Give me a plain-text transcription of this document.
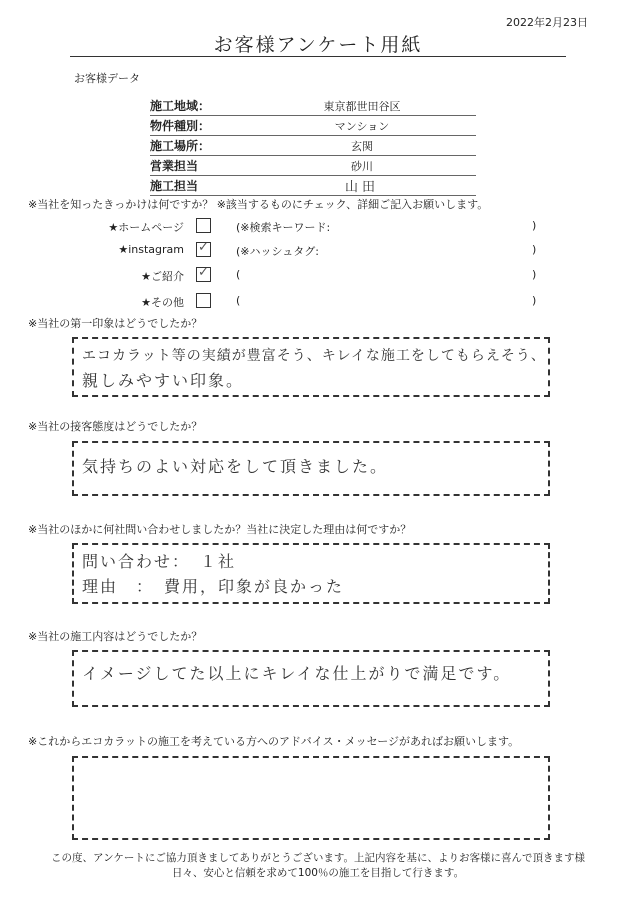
2022年2月23日
お客様アンケート用紙
お客様データ
施工地域：	東京都世田谷区
物件種別：	マンション
施工場所：	玄関
営業担当	砂川
施工担当	山田
※当社を知ったきっかけは何ですか？ ※該当するものにチェック、詳細ご記入お願いします。
★ホームページ	(※検索キーワード:	)
★instagram ✓ (※ハッシュタグ:	)
★ご紹介 ✓ (	)
★その他	(	)
※当社の第一印象はどうでしたか？
エコカラット等の実績が豊富そう、キレイな施工をしてもらえそう、
親しみやすい印象。
※当社の接客態度はどうでしたか？
気持ちのよい対応をして頂きました。
※当社のほかに何社問い合わせしましたか？当社に決定した理由は何ですか？
問い合わせ：　１社
理由　：　費用，印象が良かった
※当社の施工内容はどうでしたか？
イメージしてた以上にキレイな仕上がりで満足です。
※これからエコカラットの施工を考えている方へのアドバイス・メッセージがあればお願いします。
この度、アンケートにご協力頂きましてありがとうございます。上記内容を基に、よりお客様に喜んで頂きます様
日々、安心と信頼を求めて100％の施工を目指して行きます。
